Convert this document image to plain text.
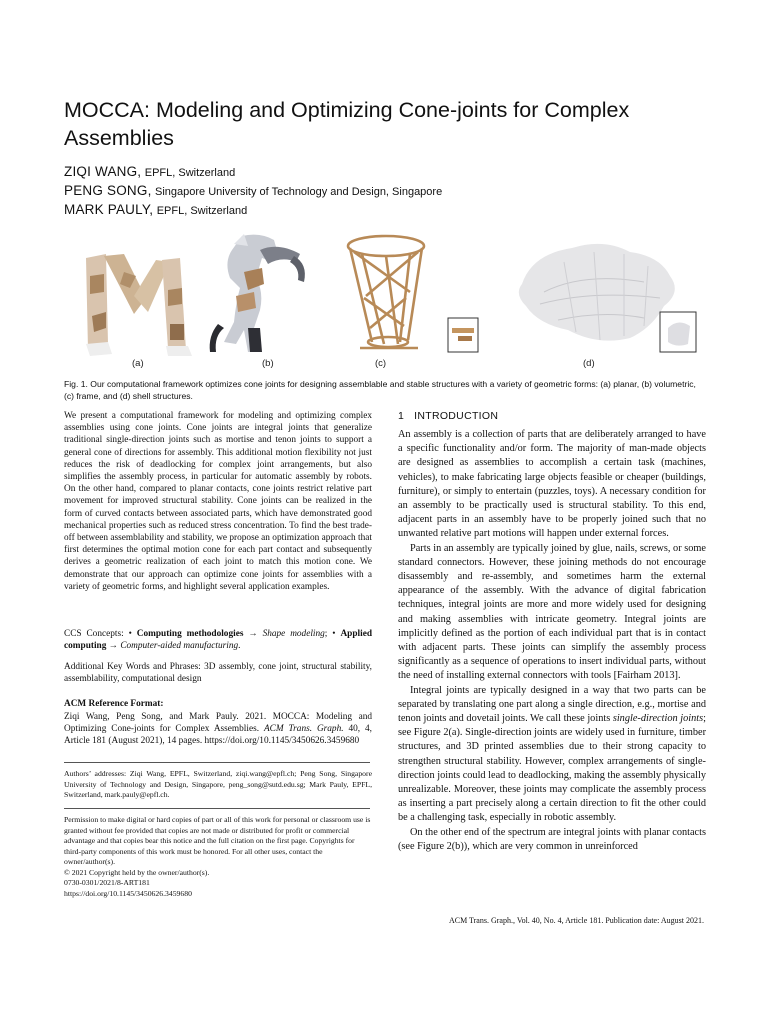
MOCCA: Modeling and Optimizing Cone-joints for Complex Assemblies
ZIQI WANG, EPFL, Switzerland
PENG SONG, Singapore University of Technology and Design, Singapore
MARK PAULY, EPFL, Switzerland
(a)	(b)	(c)	(d)
Fig. 1. Our computational framework optimizes cone joints for designing assemblable and stable structures with a variety of geometric forms: (a) planar, (b) volumetric, (c) frame, and (d) shell structures.
We present a computational framework for modeling and optimizing complex assemblies using cone joints. Cone joints are integral joints that generalize traditional single-direction joints such as mortise and tenon joints to support a general cone of directions for assembly. This additional motion flexibility not just reduces the risk of deadlocking for complex joint arrangements, but also simplifies the assembly process, in particular for automatic assembly by robots. On the other hand, compared to planar contacts, cone joints restrict relative part movement for improved structural stability. Cone joints can be realized in the form of curved contacts between associated parts, which have demonstrated good mechanical properties such as reduced stress concentration. To find the best trade-off between assemblability and stability, we propose an optimization approach that first determines the optimal motion cone for each part contact and subsequently derives a geometric realization of each joint to match this motion cone. We demonstrate that our approach can optimize cone joints for assemblies with a variety of geometric forms, and highlight several application examples.
CCS Concepts: • Computing methodologies → Shape modeling; • Applied computing → Computer-aided manufacturing.
Additional Key Words and Phrases: 3D assembly, cone joint, structural stability, assemblability, computational design
ACM Reference Format:
Ziqi Wang, Peng Song, and Mark Pauly. 2021. MOCCA: Modeling and Optimizing Cone-joints for Complex Assemblies. ACM Trans. Graph. 40, 4, Article 181 (August 2021), 14 pages. https://doi.org/10.1145/3450626.3459680
Authors’ addresses: Ziqi Wang, EPFL, Switzerland, ziqi.wang@epfl.ch; Peng Song, Singapore University of Technology and Design, Singapore, peng_song@sutd.edu.sg; Mark Pauly, EPFL, Switzerland, mark.pauly@epfl.ch.

Permission to make digital or hard copies of part or all of this work for personal or classroom use is granted without fee provided that copies are not made or distributed for profit or commercial advantage and that copies bear this notice and the full citation on the first page. Copyrights for third-party components of this work must be honored. For all other uses, contact the owner/author(s).

© 2021 Copyright held by the owner/author(s).

0730-0301/2021/8-ART181

https://doi.org/10.1145/3450626.3459680

1 INTRODUCTION

An assembly is a collection of parts that are deliberately arranged to have a specific functionality and/or form. The majority of man-made objects are designed as assemblies to accomplish a certain task (machines, vehicles), to make fabricating large objects feasible or cheaper (buildings, furniture), or simply to entertain (puzzles, toys). A necessary condition for an assembly to be practically used is structural stability. To this end, adjacent parts in an assembly have to be properly joined such that no unwanted relative part motions will happen under external forces.

Parts in an assembly are typically joined by glue, nails, screws, or some standard connectors. However, these joining methods do not encourage disassembly and re-assembly, and sometimes harm the external appearance of the assembly. With the advance of digital fabrication techniques, integral joints are more and more widely used for designing and making assemblies with intricate geometry. Integral joints are implicitly defined as the portion of each individual part that is in contact with adjacent parts. These joints can simplify the assembly process significantly as a sequence of operations to insert individual parts, without the need of installing external connectors with tools [Fairham 2013].

Integral joints are typically designed in a way that two parts can be separated by translating one part along a single direction, e.g., mortise and tenon joints and dovetail joints. We call these joints single-direction joints; see Figure 2(a). Single-direction joints are widely used in furniture, timber structures, and 3D printed assemblies due to their strong capacity to strengthen structural stability. However, complex arrangements of single-direction joints could lead to deadlocking, making the assembly physically unrealizable. Moreover, these joints may complicate the assembly process as inserting a part precisely along a certain direction to fit the other could be a challenging task, especially in robotic assembly.

On the other end of the spectrum are integral joints with planar contacts (see Figure 2(b)), which are very common in unreinforced

ACM Trans. Graph., Vol. 40, No. 4, Article 181. Publication date: August 2021.
